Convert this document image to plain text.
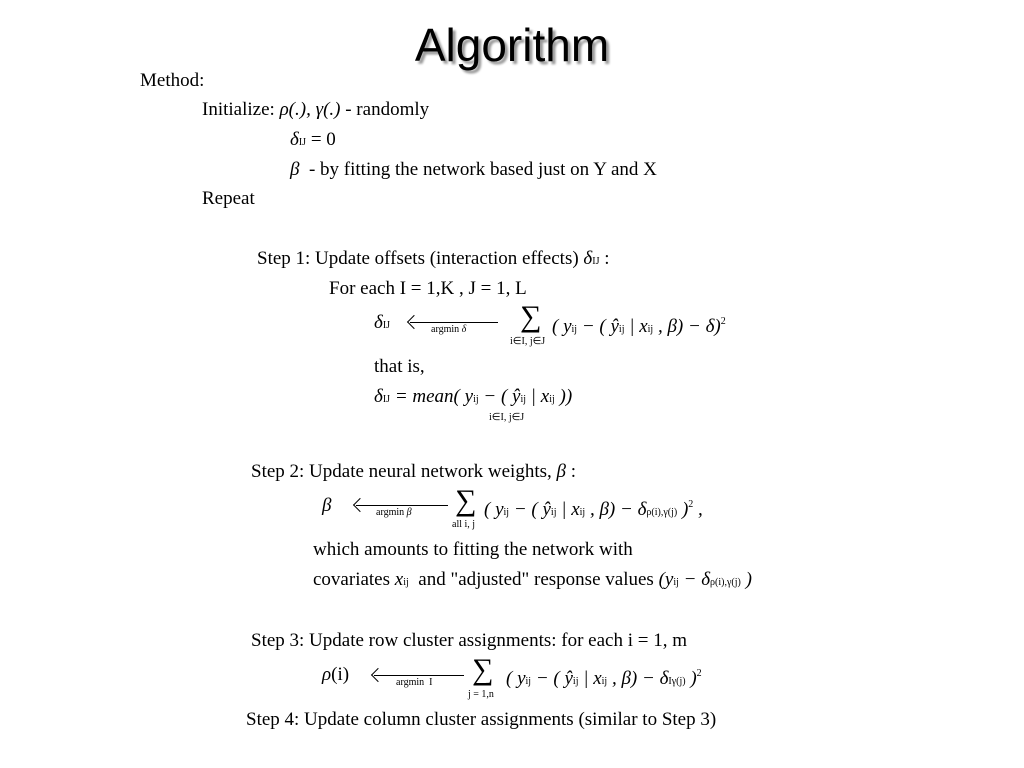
Algorithm
Method:
Initialize: ρ(.), γ(.) - randomly
δIJ = 0
β - by fitting the network based just on Y and X
Repeat
Step 1: Update offsets (interaction effects) δIJ :
For each I = 1,K , J = 1, L
δIJ	argmin δ ∑
i∈I, j∈J
( yij − ( ŷij | xij , β) − δ)$^2$
that is,
δIJ = mean( yij − ( ŷij | xij ))
i∈I, j∈J
Step 2: Update neural network weights, β :
β	argmin β ∑
all i, j
( yij − ( ŷij | xij , β) − δρ(i),γ(j) )$^2$ ,
which amounts to fitting the network with
covariates xij and "adjusted" response values (yij − δρ(i),γ(j) )
Step 3: Update row cluster assignments: for each i = 1, m
ρ(i)	argmin I ∑
j = 1,n
( yij − ( ŷij | xij , β) − δIγ(j) )$^2$
Step 4: Update column cluster assignments (similar to Step 3)
